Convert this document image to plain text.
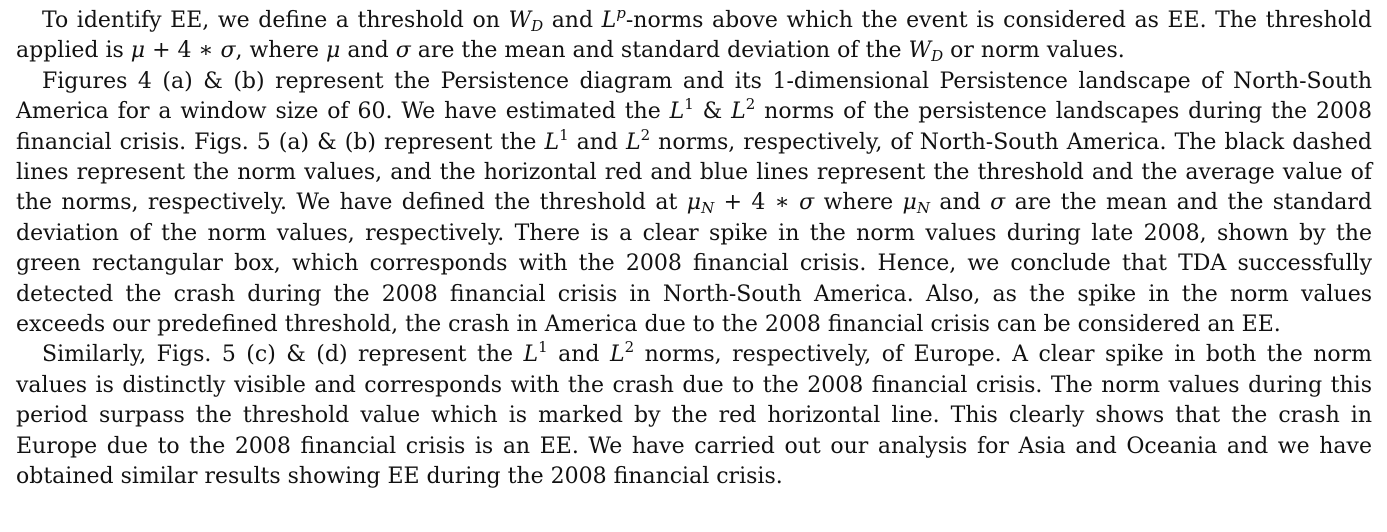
To identify EE, we define a threshold on $W_D$ and $L^p$-norms above which the event is considered as EE. The threshold applied is μ + 4 ∗ σ, where μ and σ are the mean and standard deviation of the $W_D$ or norm values.

Figures 4 (a) & (b) represent the Persistence diagram and its 1-dimensional Persistence landscape of North-South America for a window size of 60. We have estimated the $L^1$ & $L^2$ norms of the persistence landscapes during the 2008 financial crisis. Figs. 5 (a) & (b) represent the $L^1$ and $L^2$ norms, respectively, of North-South America. The black dashed lines represent the norm values, and the horizontal red and blue lines represent the threshold and the average value of the norms, respectively. We have defined the threshold at $\mu_N + 4$ ∗ σ where $\mu_N$ and σ are the mean and the standard deviation of the norm values, respectively. There is a clear spike in the norm values during late 2008, shown by the green rectangular box, which corresponds with the 2008 financial crisis. Hence, we conclude that TDA successfully detected the crash during the 2008 financial crisis in North-South America. Also, as the spike in the norm values exceeds our predefined threshold, the crash in America due to the 2008 financial crisis can be considered an EE.

Similarly, Figs. 5 (c) & (d) represent the $L^1$ and $L^2$ norms, respectively, of Europe. A clear spike in both the norm values is distinctly visible and corresponds with the crash due to the 2008 financial crisis. The norm values during this period surpass the threshold value which is marked by the red horizontal line. This clearly shows that the crash in Europe due to the 2008 financial crisis is an EE. We have carried out our analysis for Asia and Oceania and we have obtained similar results showing EE during the 2008 financial crisis.
